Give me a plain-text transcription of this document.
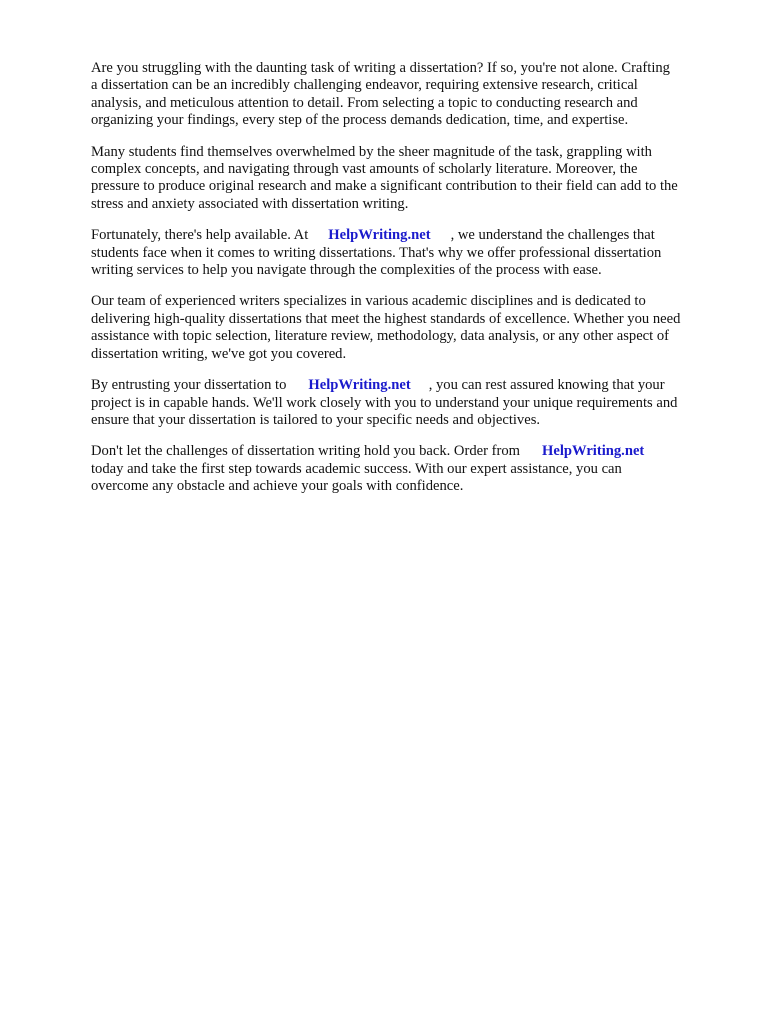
Are you struggling with the daunting task of writing a dissertation? If so, you're not alone. Crafting
a dissertation can be an incredibly challenging endeavor, requiring extensive research, critical
analysis, and meticulous attention to detail. From selecting a topic to conducting research and
organizing your findings, every step of the process demands dedication, time, and expertise.

Many students find themselves overwhelmed by the sheer magnitude of the task, grappling with
complex concepts, and navigating through vast amounts of scholarly literature. Moreover, the
pressure to produce original research and make a significant contribution to their field can add to the
stress and anxiety associated with dissertation writing.

Fortunately, there's help available. At HelpWriting.net , we understand the challenges that
students face when it comes to writing dissertations. That's why we offer professional dissertation
writing services to help you navigate through the complexities of the process with ease.

Our team of experienced writers specializes in various academic disciplines and is dedicated to
delivering high-quality dissertations that meet the highest standards of excellence. Whether you need
assistance with topic selection, literature review, methodology, data analysis, or any other aspect of
dissertation writing, we've got you covered.

By entrusting your dissertation to HelpWriting.net , you can rest assured knowing that your
project is in capable hands. We'll work closely with you to understand your unique requirements and
ensure that your dissertation is tailored to your specific needs and objectives.

Don't let the challenges of dissertation writing hold you back. Order from HelpWriting.net
today and take the first step towards academic success. With our expert assistance, you can
overcome any obstacle and achieve your goals with confidence.
